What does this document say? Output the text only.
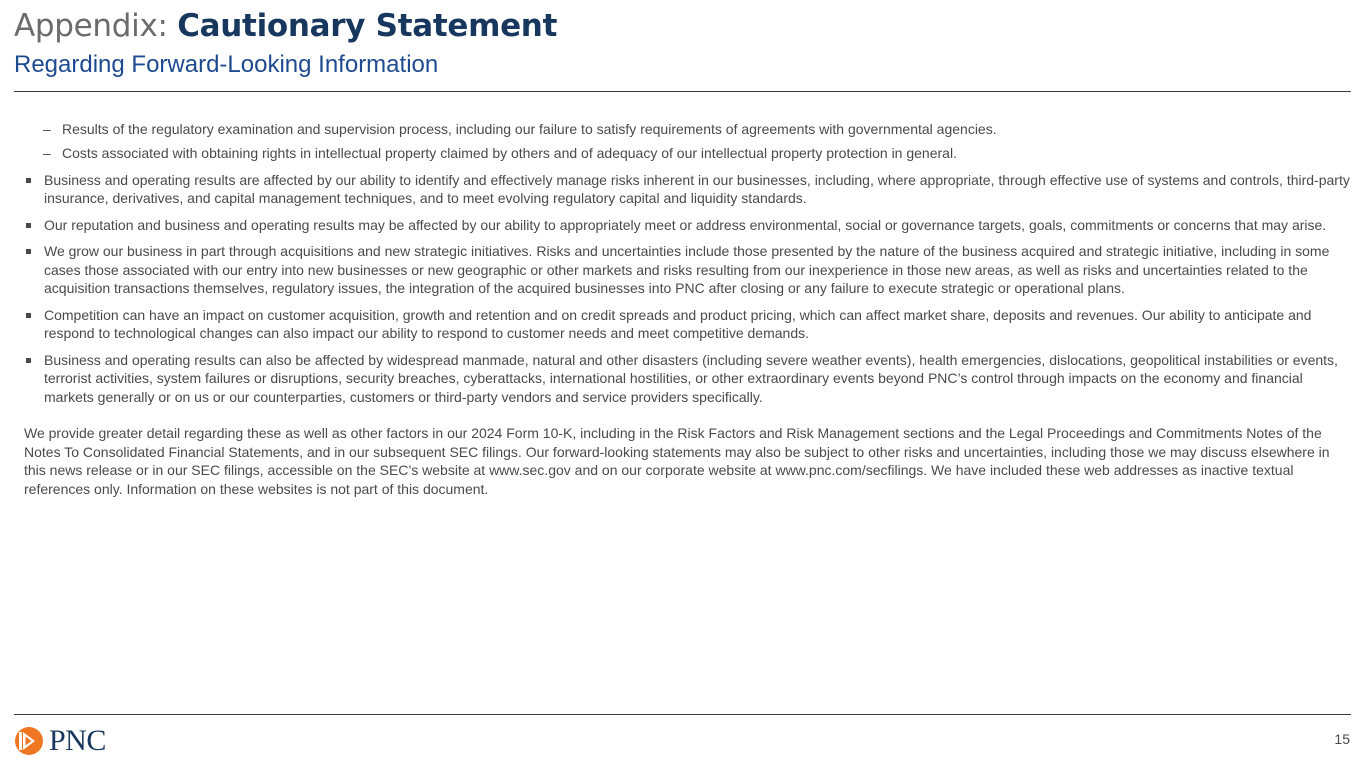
Appendix: Cautionary Statement
Regarding Forward-Looking Information
– Results of the regulatory examination and supervision process, including our failure to satisfy requirements of agreements with governmental agencies.
– Costs associated with obtaining rights in intellectual property claimed by others and of adequacy of our intellectual property protection in general.
Business and operating results are affected by our ability to identify and effectively manage risks inherent in our businesses, including, where appropriate, through effective use of systems and controls, third-party insurance, derivatives, and capital management techniques, and to meet evolving regulatory capital and liquidity standards.
Our reputation and business and operating results may be affected by our ability to appropriately meet or address environmental, social or governance targets, goals, commitments or concerns that may arise.
We grow our business in part through acquisitions and new strategic initiatives. Risks and uncertainties include those presented by the nature of the business acquired and strategic initiative, including in some cases those associated with our entry into new businesses or new geographic or other markets and risks resulting from our inexperience in those new areas, as well as risks and uncertainties related to the acquisition transactions themselves, regulatory issues, the integration of the acquired businesses into PNC after closing or any failure to execute strategic or operational plans.
Competition can have an impact on customer acquisition, growth and retention and on credit spreads and product pricing, which can affect market share, deposits and revenues. Our ability to anticipate and respond to technological changes can also impact our ability to respond to customer needs and meet competitive demands.
Business and operating results can also be affected by widespread manmade, natural and other disasters (including severe weather events), health emergencies, dislocations, geopolitical instabilities or events, terrorist activities, system failures or disruptions, security breaches, cyberattacks, international hostilities, or other extraordinary events beyond PNC’s control through impacts on the economy and financial markets generally or on us or our counterparties, customers or third-party vendors and service providers specifically.

We provide greater detail regarding these as well as other factors in our 2024 Form 10-K, including in the Risk Factors and Risk Management sections and the Legal Proceedings and Commitments Notes of the Notes To Consolidated Financial Statements, and in our subsequent SEC filings. Our forward-looking statements may also be subject to other risks and uncertainties, including those we may discuss elsewhere in this news release or in our SEC filings, accessible on the SEC’s website at www.sec.gov and on our corporate website at www.pnc.com/secfilings. We have included these web addresses as inactive textual references only. Information on these websites is not part of this document.

PNC	15
